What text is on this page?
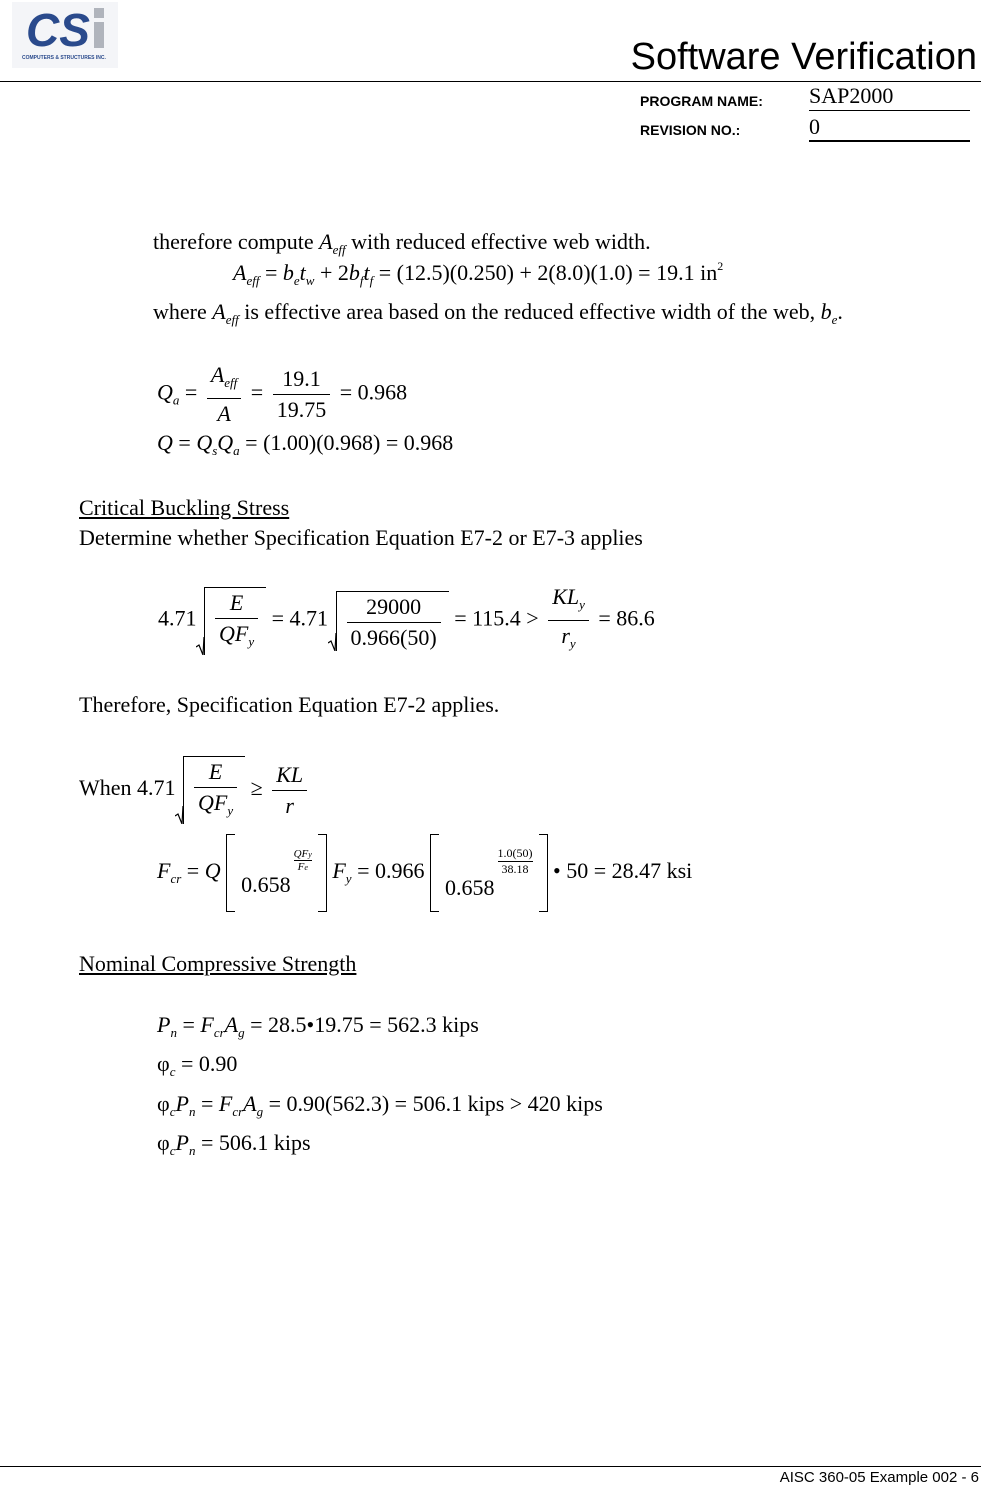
CS
COMPUTERS & STRUCTURES INC.	Software Verification
PROGRAM NAME: SAP2000
REVISION NO.:	0
therefore compute $A_{eff}$ with reduced effective web width.
$A_{eff} = b_et_w + 2b_ft_f = (12.5)(0.250) + 2(8.0)(1.0) = 19.1$ $in^2$
where $A_{eff}$ is effective area based on the reduced effective width of the web, $b_e$.
$Q_a = \frac{A_{eff}}{A} = \frac{19.1}{19.75} = 0.968$
$Q = Q_sQ_a = (1.00)(0.968) = 0.968$
Critical Buckling Stress
Determine whether Specification Equation E7-2 or E7-3 applies
$4.71 \frac{E}{QF_y} = 4.71 \frac{29000}{0.966(50)} = 115.4 > \frac{KL_y}{r_y} = 86.6$
Therefore, Specification Equation E7-2 applies.
When $4.71 \frac{E}{QF_y} \ge \frac{KL}{r}$
$F_{cr} = Q$ 0.658
QFy
Fe $F_y = 0.966$ 0.658
$\frac{1.0(50)}{38.18}$ • 50 = 28.47 ksi
Nominal Compressive Strength
$P_n = F_{cr}A_g$ = 28.5•19.75 = 562.3 kips
$\varphi_c = 0.90$
$\varphi_cP_n = F_{cr}A_g = 0.90(562.3) = 506.1$ kips > 420 kips
$\varphi_cP_n = 506.1$ kips
AISC 360-05 Example 002 - 6
